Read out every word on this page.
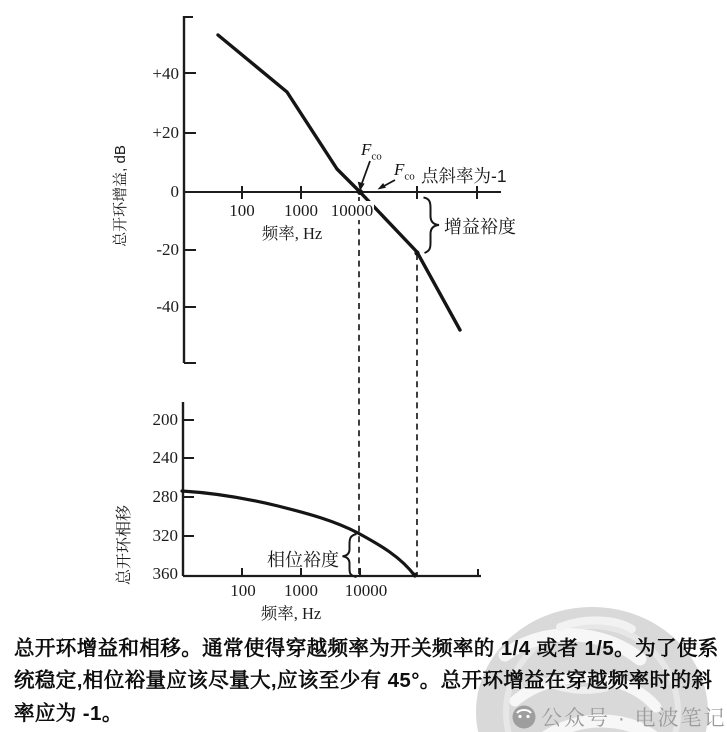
总开环增益, dB
+40
+20
0
-20
-40
100	1000 10000
频率, Hz
$F_{co}$
$F_{co}$ 点斜率为-1
增益裕度
总开环相移
200
240
280
320
360
100	1000	10000
频率, Hz
相位裕度
总开环增益和相移。通常使得穿越频率为开关频率的 1/4 或者 1/5。为了使系
统稳定,相位裕量应该尽量大,应该至少有 45°。总开环增益在穿越频率时的斜
率应为 -1。	公众号 · 电波笔记
